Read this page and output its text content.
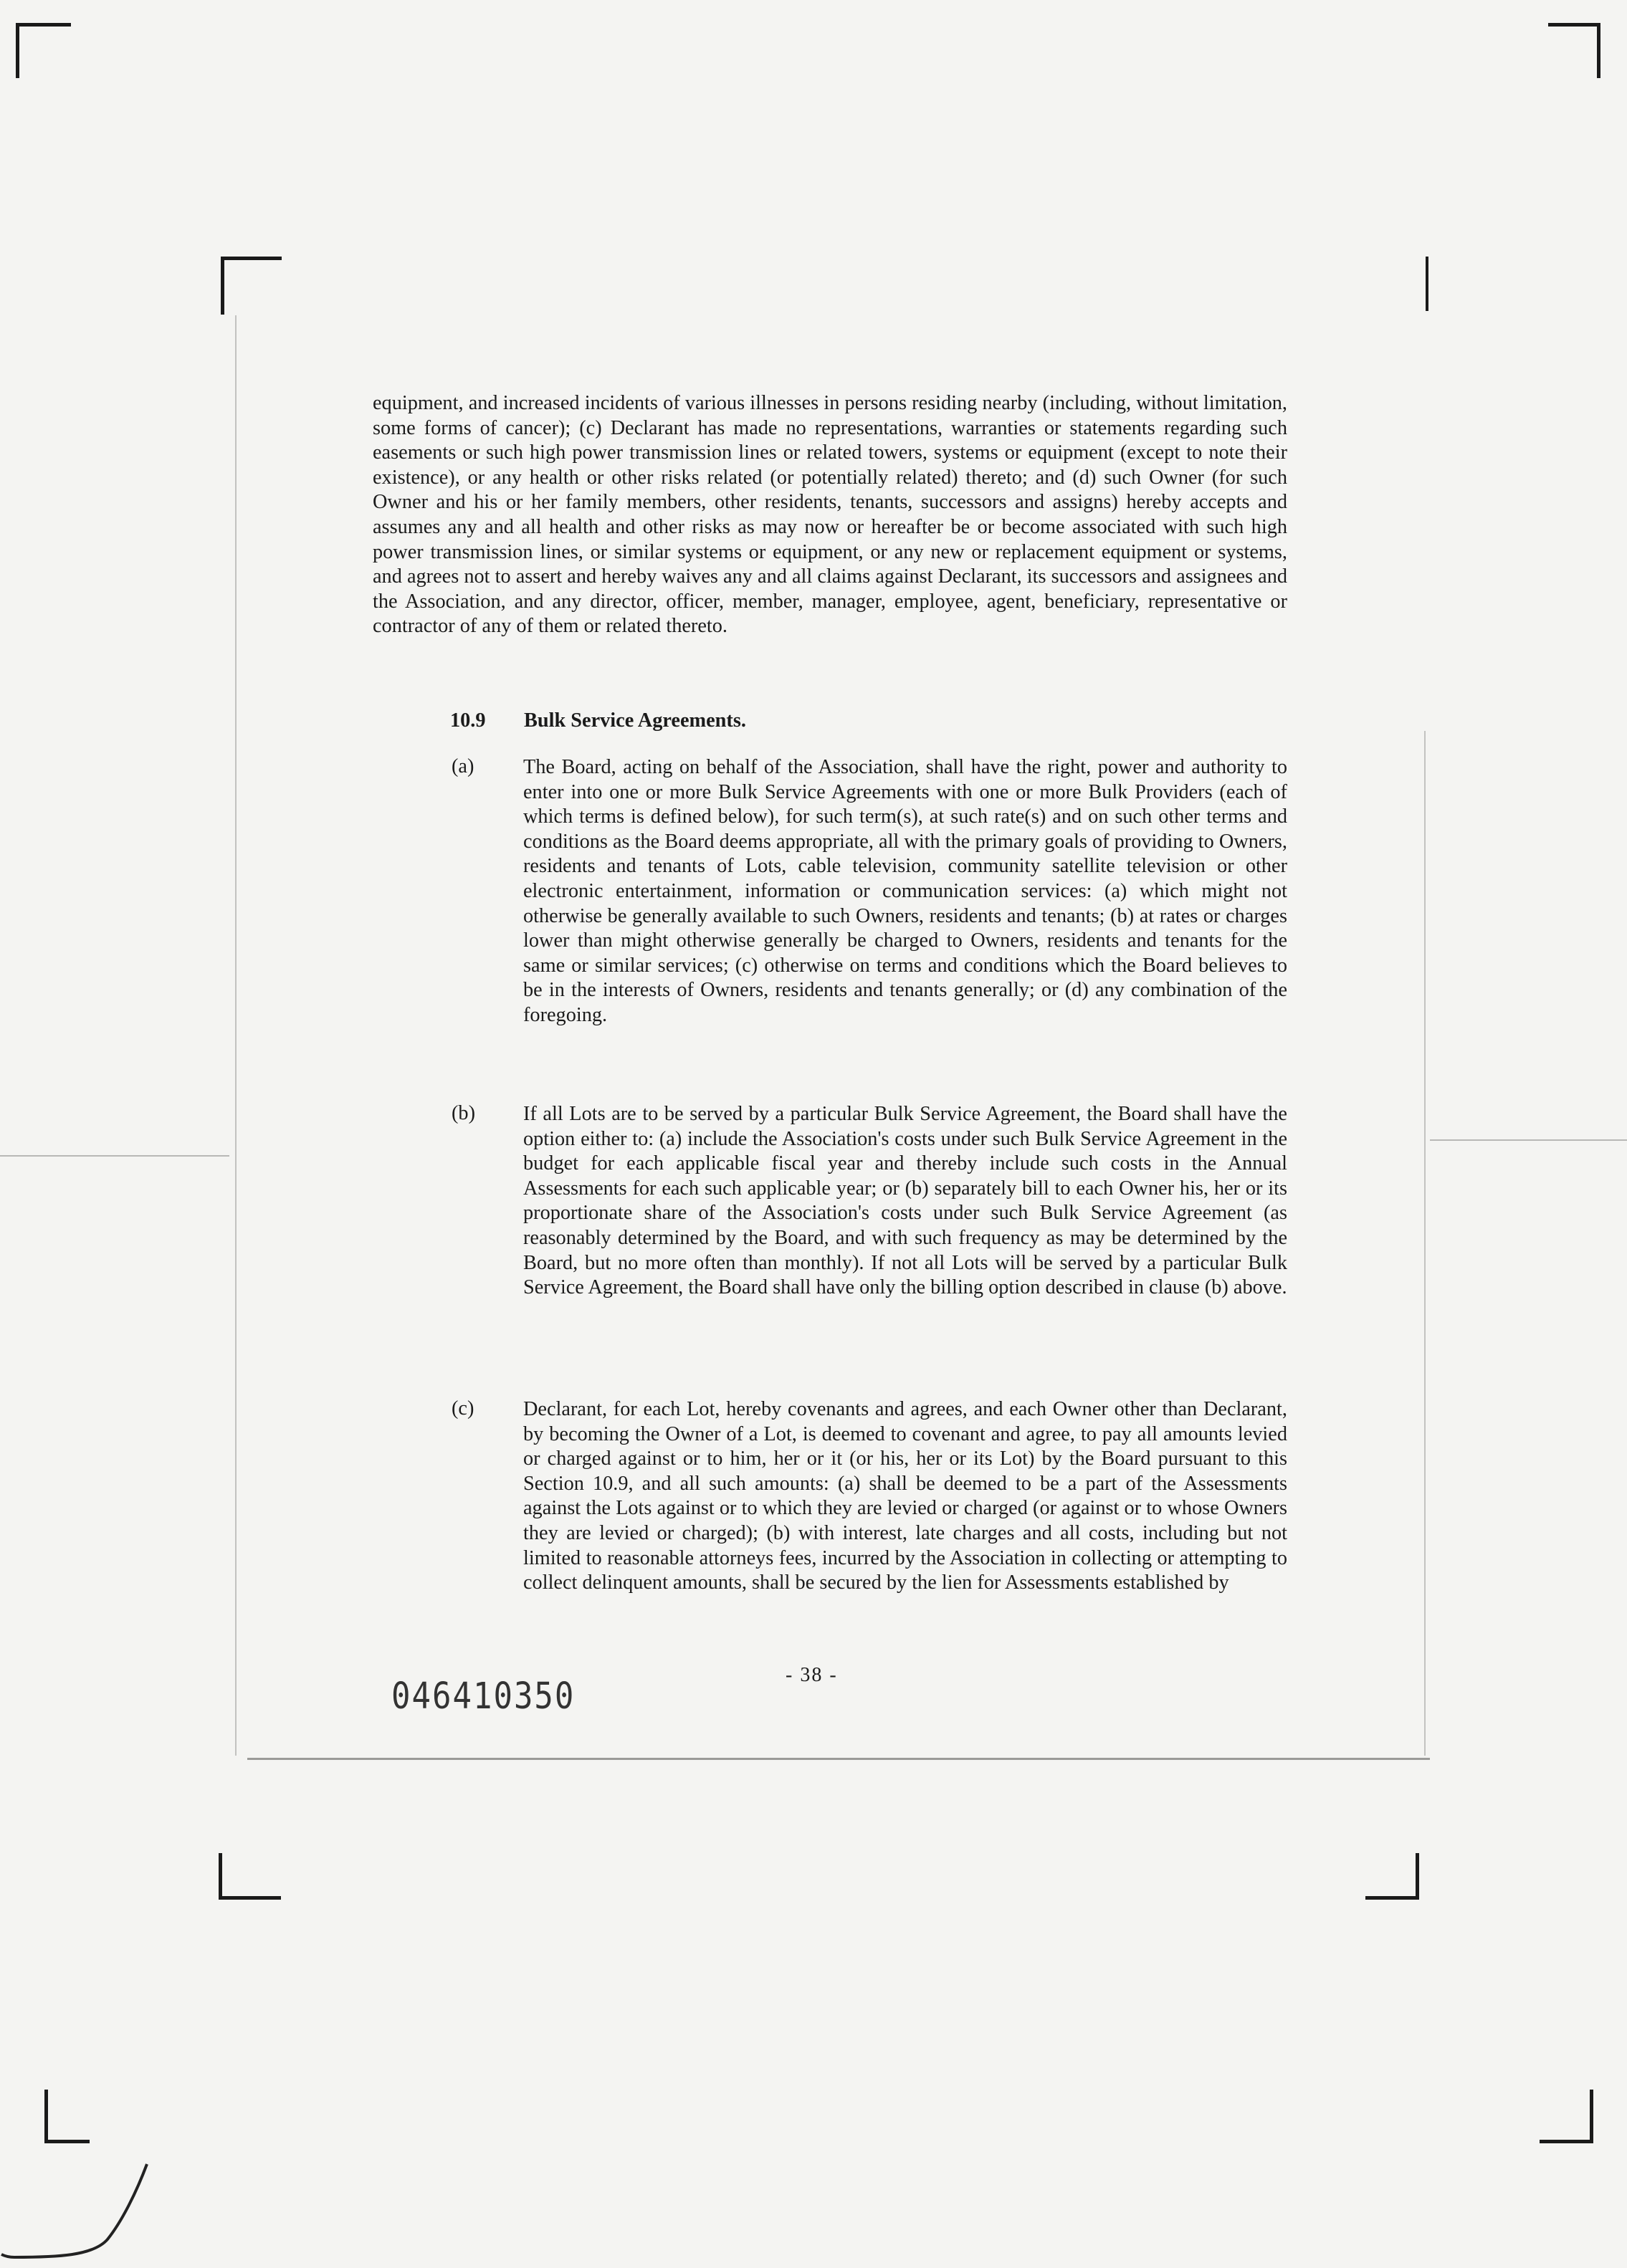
equipment, and increased incidents of various illnesses in persons residing nearby (including, without limitation, some forms of cancer); (c) Declarant has made no representations, warranties or statements regarding such easements or such high power transmission lines or related towers, systems or equipment (except to note their existence), or any health or other risks related (or potentially related) thereto; and (d) such Owner (for such Owner and his or her family members, other residents, tenants, successors and assigns) hereby accepts and assumes any and all health and other risks as may now or hereafter be or become associated with such high power transmission lines, or similar systems or equipment, or any new or replacement equipment or systems, and agrees not to assert and hereby waives any and all claims against Declarant, its successors and assignees and the Association, and any director, officer, member, manager, employee, agent, beneficiary, representative or contractor of any of them or related thereto.

10.9 Bulk Service Agreements.

(a) The Board, acting on behalf of the Association, shall have the right, power and authority to enter into one or more Bulk Service Agreements with one or more Bulk Providers (each of which terms is defined below), for such term(s), at such rate(s) and on such other terms and conditions as the Board deems appropriate, all with the primary goals of providing to Owners, residents and tenants of Lots, cable television, community satellite television or other electronic entertainment, information or communication services: (a) which might not otherwise be generally available to such Owners, residents and tenants; (b) at rates or charges lower than might otherwise generally be charged to Owners, residents and tenants for the same or similar services; (c) otherwise on terms and conditions which the Board believes to be in the interests of Owners, residents and tenants generally; or (d) any combination of the foregoing.

(b) If all Lots are to be served by a particular Bulk Service Agreement, the Board shall have the option either to: (a) include the Association's costs under such Bulk Service Agreement in the budget for each applicable fiscal year and thereby include such costs in the Annual Assessments for each such applicable year; or (b) separately bill to each Owner his, her or its proportionate share of the Association's costs under such Bulk Service Agreement (as reasonably determined by the Board, and with such frequency as may be determined by the Board, but no more often than monthly). If not all Lots will be served by a particular Bulk Service Agreement, the Board shall have only the billing option described in clause (b) above.

(c) Declarant, for each Lot, hereby covenants and agrees, and each Owner other than Declarant, by becoming the Owner of a Lot, is deemed to covenant and agree, to pay all amounts levied or charged against or to him, her or it (or his, her or its Lot) by the Board pursuant to this Section 10.9, and all such amounts: (a) shall be deemed to be a part of the Assessments against the Lots against or to which they are levied or charged (or against or to whose Owners they are levied or charged); (b) with interest, late charges and all costs, including but not limited to reasonable attorneys fees, incurred by the Association in collecting or attempting to collect delinquent amounts, shall be secured by the lien for Assessments established by

- 38 -

046410350
